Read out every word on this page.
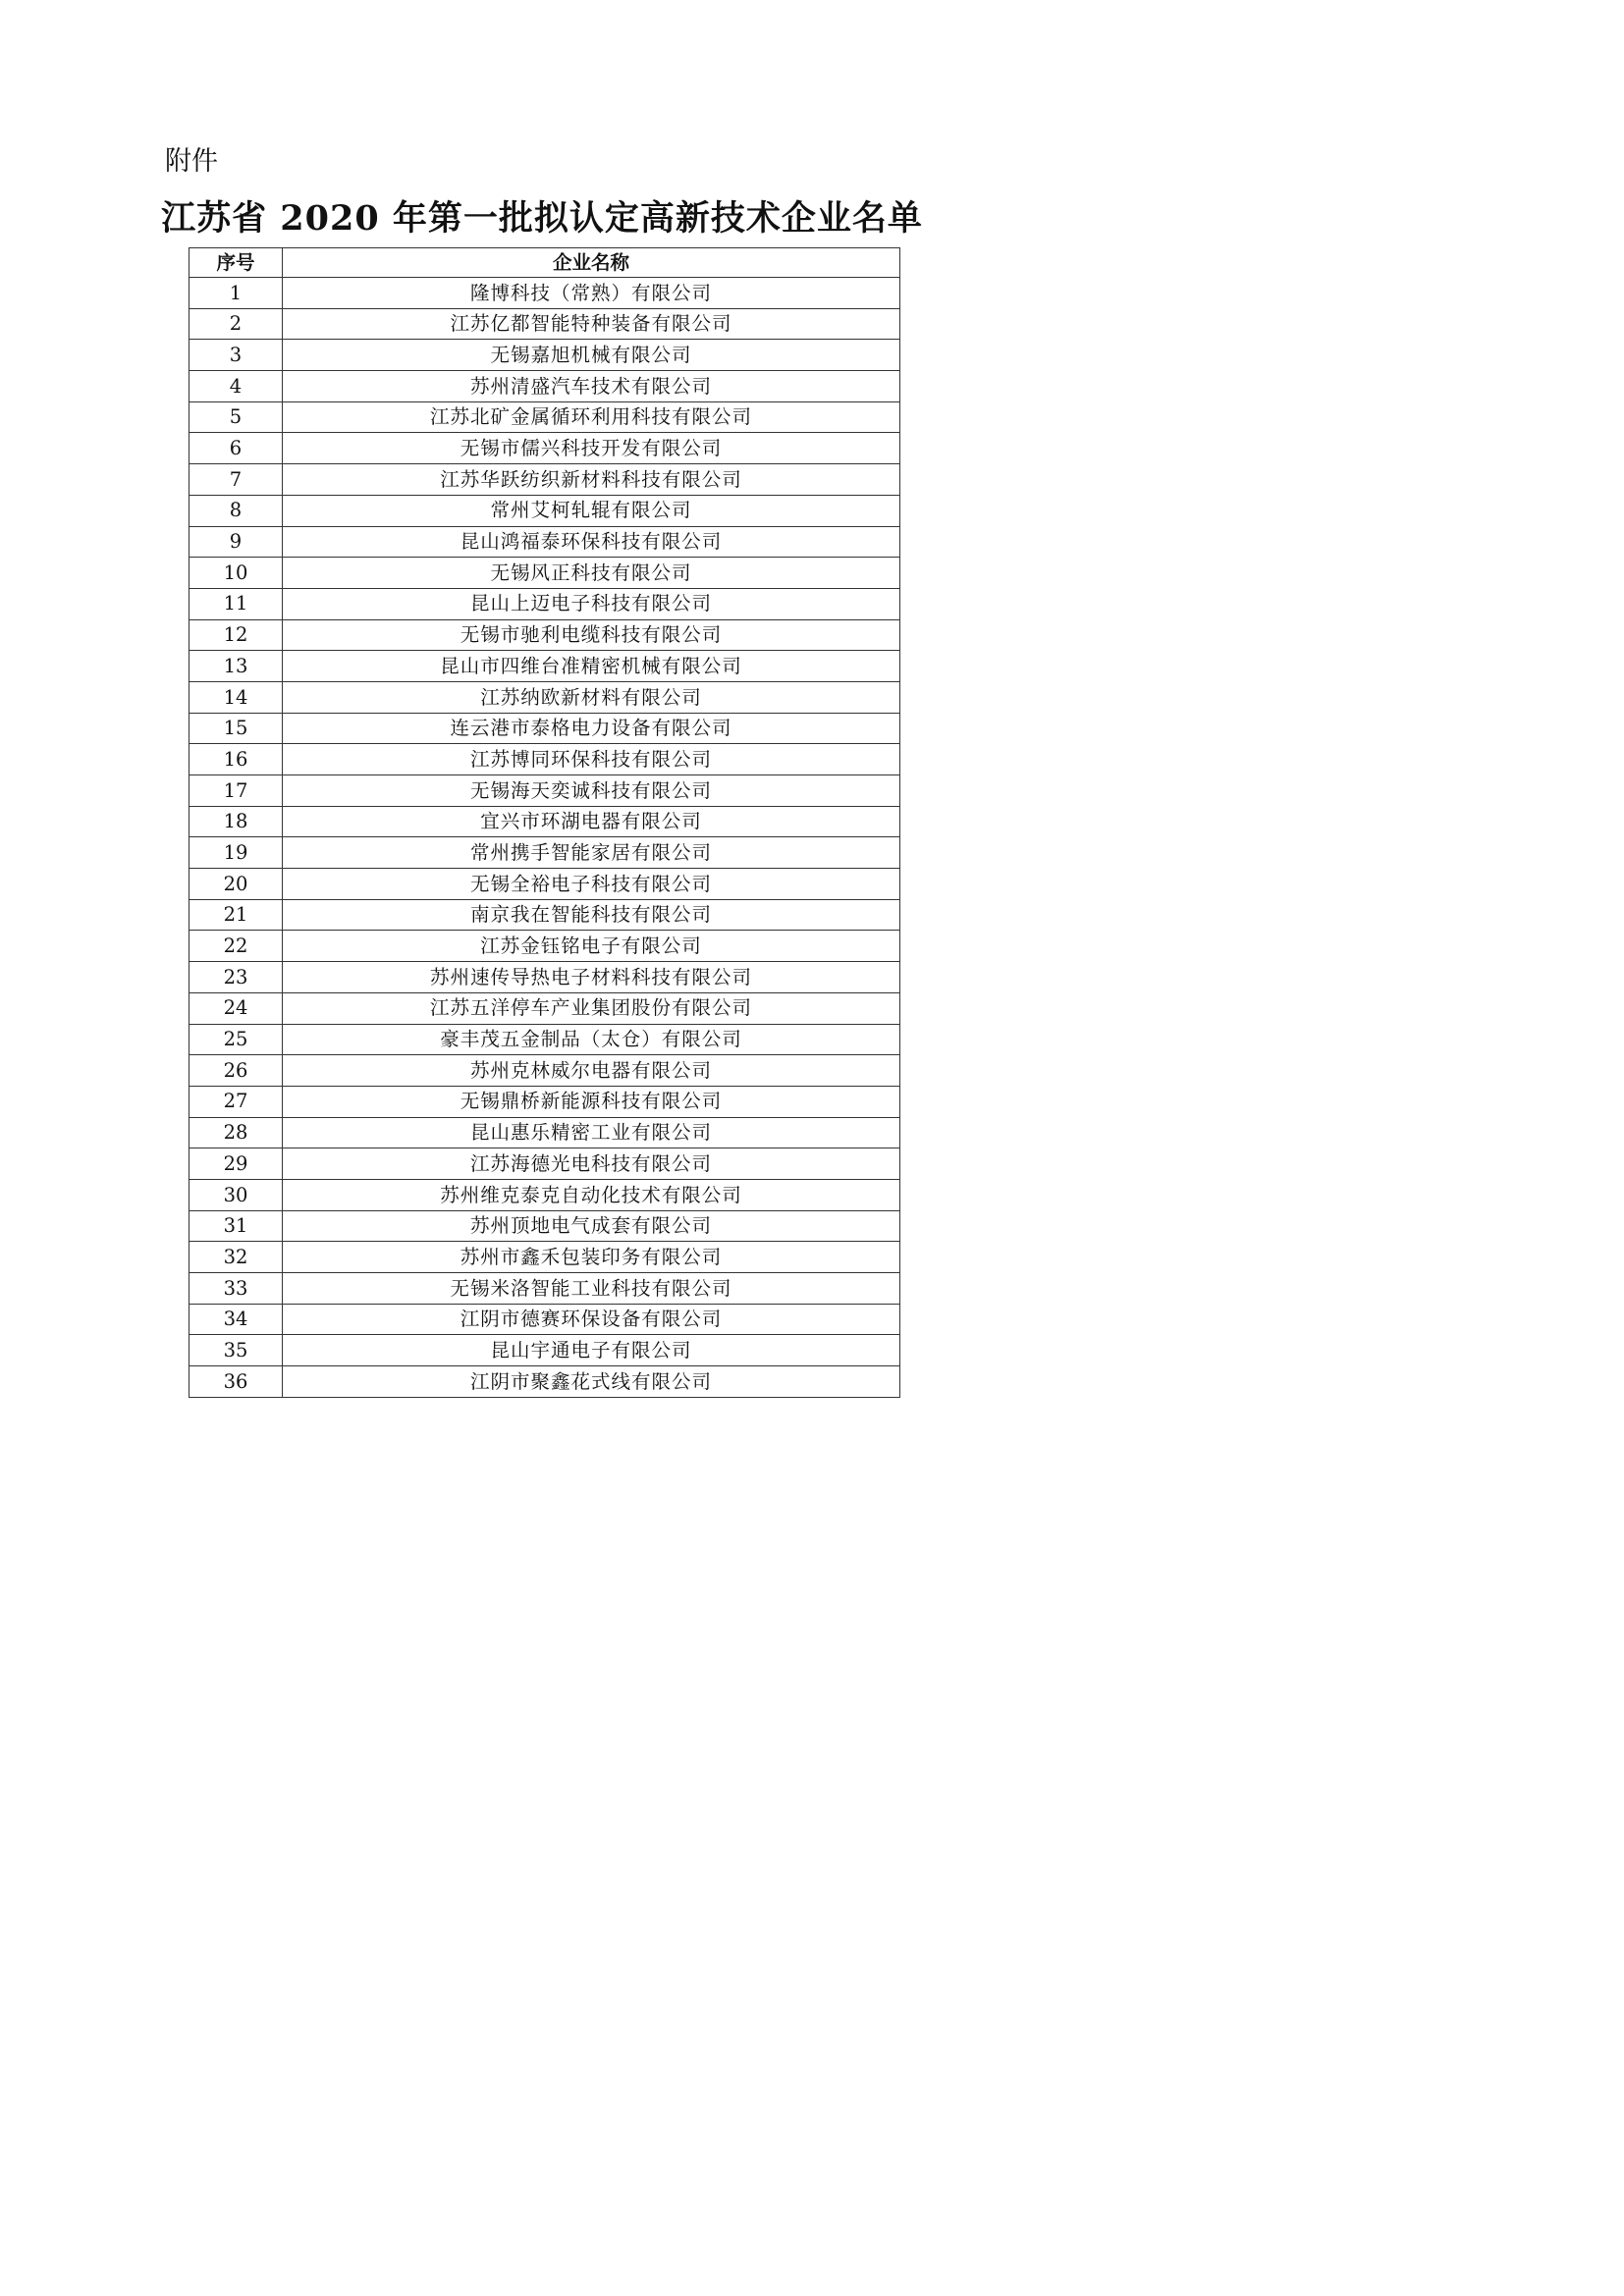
附件
江苏省 2020 年第一批拟认定高新技术企业名单
序号	企业名称
1	隆博科技（常熟）有限公司
2	江苏亿都智能特种装备有限公司
3	无锡嘉旭机械有限公司
4	苏州清盛汽车技术有限公司
5	江苏北矿金属循环利用科技有限公司
6	无锡市儒兴科技开发有限公司
7	江苏华跃纺织新材料科技有限公司
8	常州艾柯轧辊有限公司
9	昆山鸿福泰环保科技有限公司
10	无锡风正科技有限公司
11	昆山上迈电子科技有限公司
12	无锡市驰利电缆科技有限公司
13	昆山市四维台准精密机械有限公司
14	江苏纳欧新材料有限公司
15	连云港市泰格电力设备有限公司
16	江苏博同环保科技有限公司
17	无锡海天奕诚科技有限公司
18	宜兴市环湖电器有限公司
19	常州携手智能家居有限公司
20	无锡全裕电子科技有限公司
21	南京我在智能科技有限公司
22	江苏金钰铭电子有限公司
23	苏州速传导热电子材料科技有限公司
24	江苏五洋停车产业集团股份有限公司
25	豪丰茂五金制品（太仓）有限公司
26	苏州克林威尔电器有限公司
27	无锡鼎桥新能源科技有限公司
28	昆山惠乐精密工业有限公司
29	江苏海德光电科技有限公司
30	苏州维克泰克自动化技术有限公司
31	苏州顶地电气成套有限公司
32	苏州市鑫禾包装印务有限公司
33	无锡米洛智能工业科技有限公司
34	江阴市德赛环保设备有限公司
35	昆山宇通电子有限公司
36	江阴市聚鑫花式线有限公司
